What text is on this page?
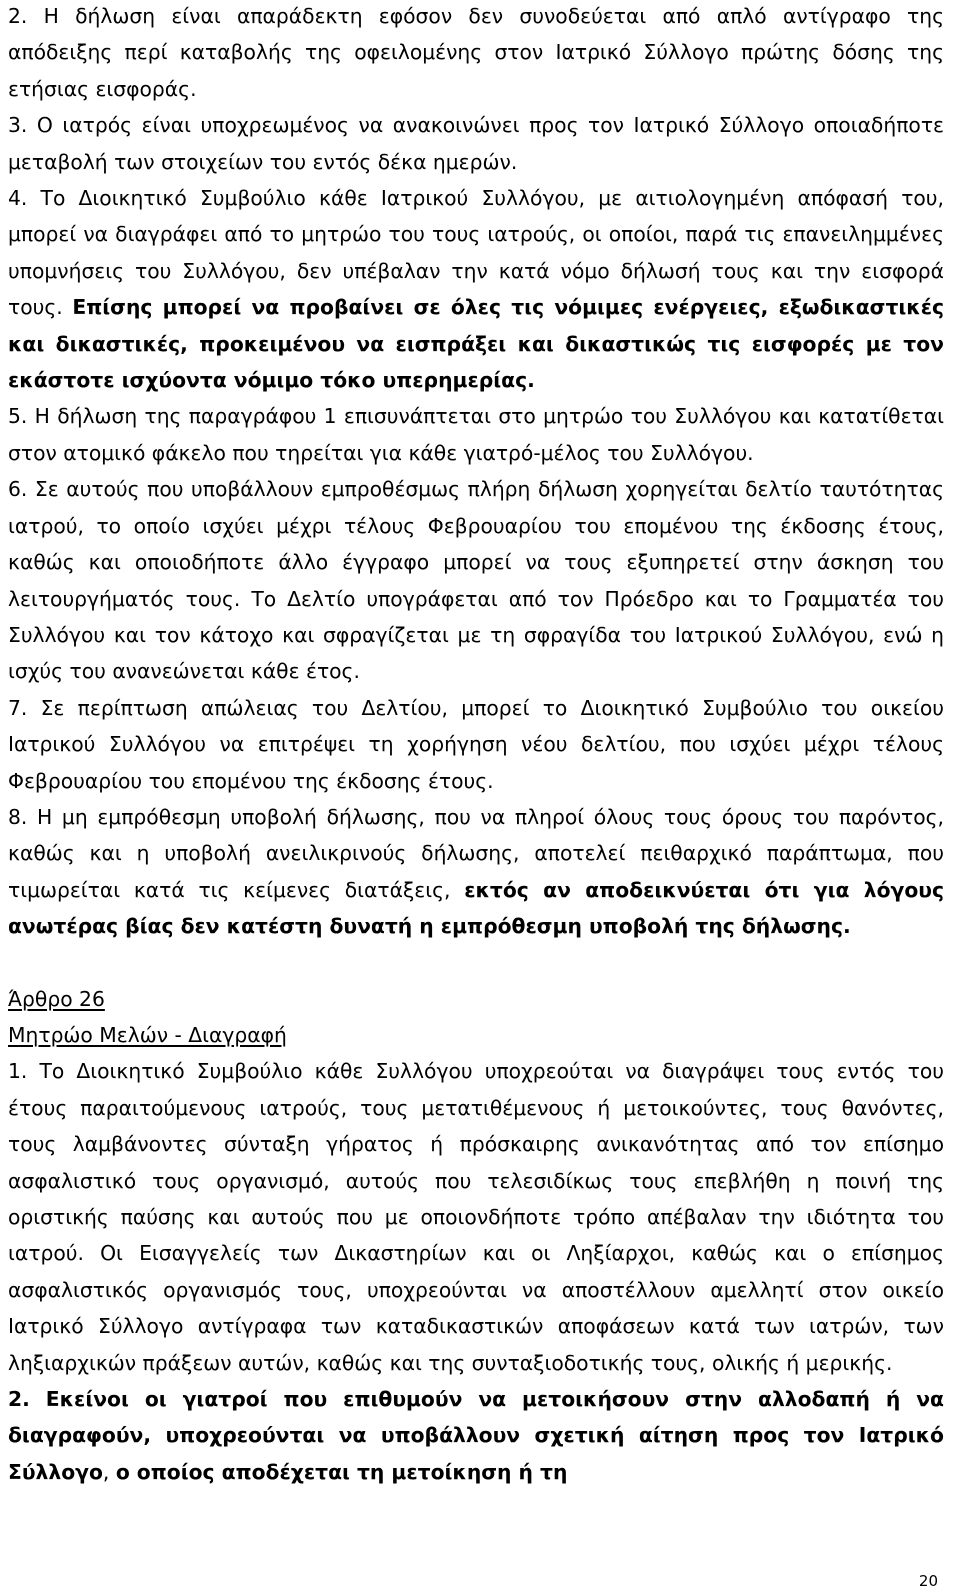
2. Η δήλωση είναι απαράδεκτη εφόσον δεν συνοδεύεται από απλό αντίγραφο της απόδειξης περί καταβολής της οφειλομένης στον Ιατρικό Σύλλογο πρώτης δόσης της ετήσιας εισφοράς.

3. Ο ιατρός είναι υποχρεωμένος να ανακοινώνει προς τον Ιατρικό Σύλλογο οποιαδήποτε μεταβολή των στοιχείων του εντός δέκα ημερών.

4. Το Διοικητικό Συμβούλιο κάθε Ιατρικού Συλλόγου, με αιτιολογημένη απόφασή του, μπορεί να διαγράφει από το μητρώο του τους ιατρούς, οι οποίοι, παρά τις επανειλημμένες υπομνήσεις του Συλλόγου, δεν υπέβαλαν την κατά νόμο δήλωσή τους και την εισφορά τους. Επίσης μπορεί να προβαίνει σε όλες τις νόμιμες ενέργειες, εξωδικαστικές και δικαστικές, προκειμένου να εισπράξει και δικαστικώς τις εισφορές με τον εκάστοτε ισχύοντα νόμιμο τόκο υπερημερίας.

5. Η δήλωση της παραγράφου 1 επισυνάπτεται στο μητρώο του Συλλόγου και κατατίθεται στον ατομικό φάκελο που τηρείται για κάθε γιατρό-μέλος του Συλλόγου.

6. Σε αυτούς που υποβάλλουν εμπροθέσμως πλήρη δήλωση χορηγείται δελτίο ταυτότητας ιατρού, το οποίο ισχύει μέχρι τέλους Φεβρουαρίου του επομένου της έκδοσης έτους, καθώς και οποιοδήποτε άλλο έγγραφο μπορεί να τους εξυπηρετεί στην άσκηση του λειτουργήματός τους. Το Δελτίο υπογράφεται από τον Πρόεδρο και το Γραμματέα του Συλλόγου και τον κάτοχο και σφραγίζεται με τη σφραγίδα του Ιατρικού Συλλόγου, ενώ η ισχύς του ανανεώνεται κάθε έτος.

7. Σε περίπτωση απώλειας του Δελτίου, μπορεί το Διοικητικό Συμβούλιο του οικείου Ιατρικού Συλλόγου να επιτρέψει τη χορήγηση νέου δελτίου, που ισχύει μέχρι τέλους Φεβρουαρίου του επομένου της έκδοσης έτους.

8. Η μη εμπρόθεσμη υποβολή δήλωσης, που να πληροί όλους τους όρους του παρόντος, καθώς και η υποβολή ανειλικρινούς δήλωσης, αποτελεί πειθαρχικό παράπτωμα, που τιμωρείται κατά τις κείμενες διατάξεις, εκτός αν αποδεικνύεται ότι για λόγους ανωτέρας βίας δεν κατέστη δυνατή η εμπρόθεσμη υποβολή της δήλωσης.

Άρθρο 26

Μητρώο Μελών - Διαγραφή

1. Το Διοικητικό Συμβούλιο κάθε Συλλόγου υποχρεούται να διαγράψει τους εντός του έτους παραιτούμενους ιατρούς, τους μετατιθέμενους ή μετοικούντες, τους θανόντες, τους λαμβάνοντες σύνταξη γήρατος ή πρόσκαιρης ανικανότητας από τον επίσημο ασφαλιστικό τους οργανισμό, αυτούς που τελεσιδίκως τους επεβλήθη η ποινή της οριστικής παύσης και αυτούς που με οποιονδήποτε τρόπο απέβαλαν την ιδιότητα του ιατρού. Οι Εισαγγελείς των Δικαστηρίων και οι Ληξίαρχοι, καθώς και ο επίσημος ασφαλιστικός οργανισμός τους, υποχρεούνται να αποστέλλουν αμελλητί στον οικείο Ιατρικό Σύλλογο αντίγραφα των καταδικαστικών αποφάσεων κατά των ιατρών, των ληξιαρχικών πράξεων αυτών, καθώς και της συνταξιοδοτικής τους, ολικής ή μερικής.

2. Εκείνοι οι γιατροί που επιθυμούν να μετοικήσουν στην αλλοδαπή ή να διαγραφούν, υποχρεούνται να υποβάλλουν σχετική αίτηση προς τον Ιατρικό Σύλλογο, ο οποίος αποδέχεται τη μετοίκηση ή τη

20
